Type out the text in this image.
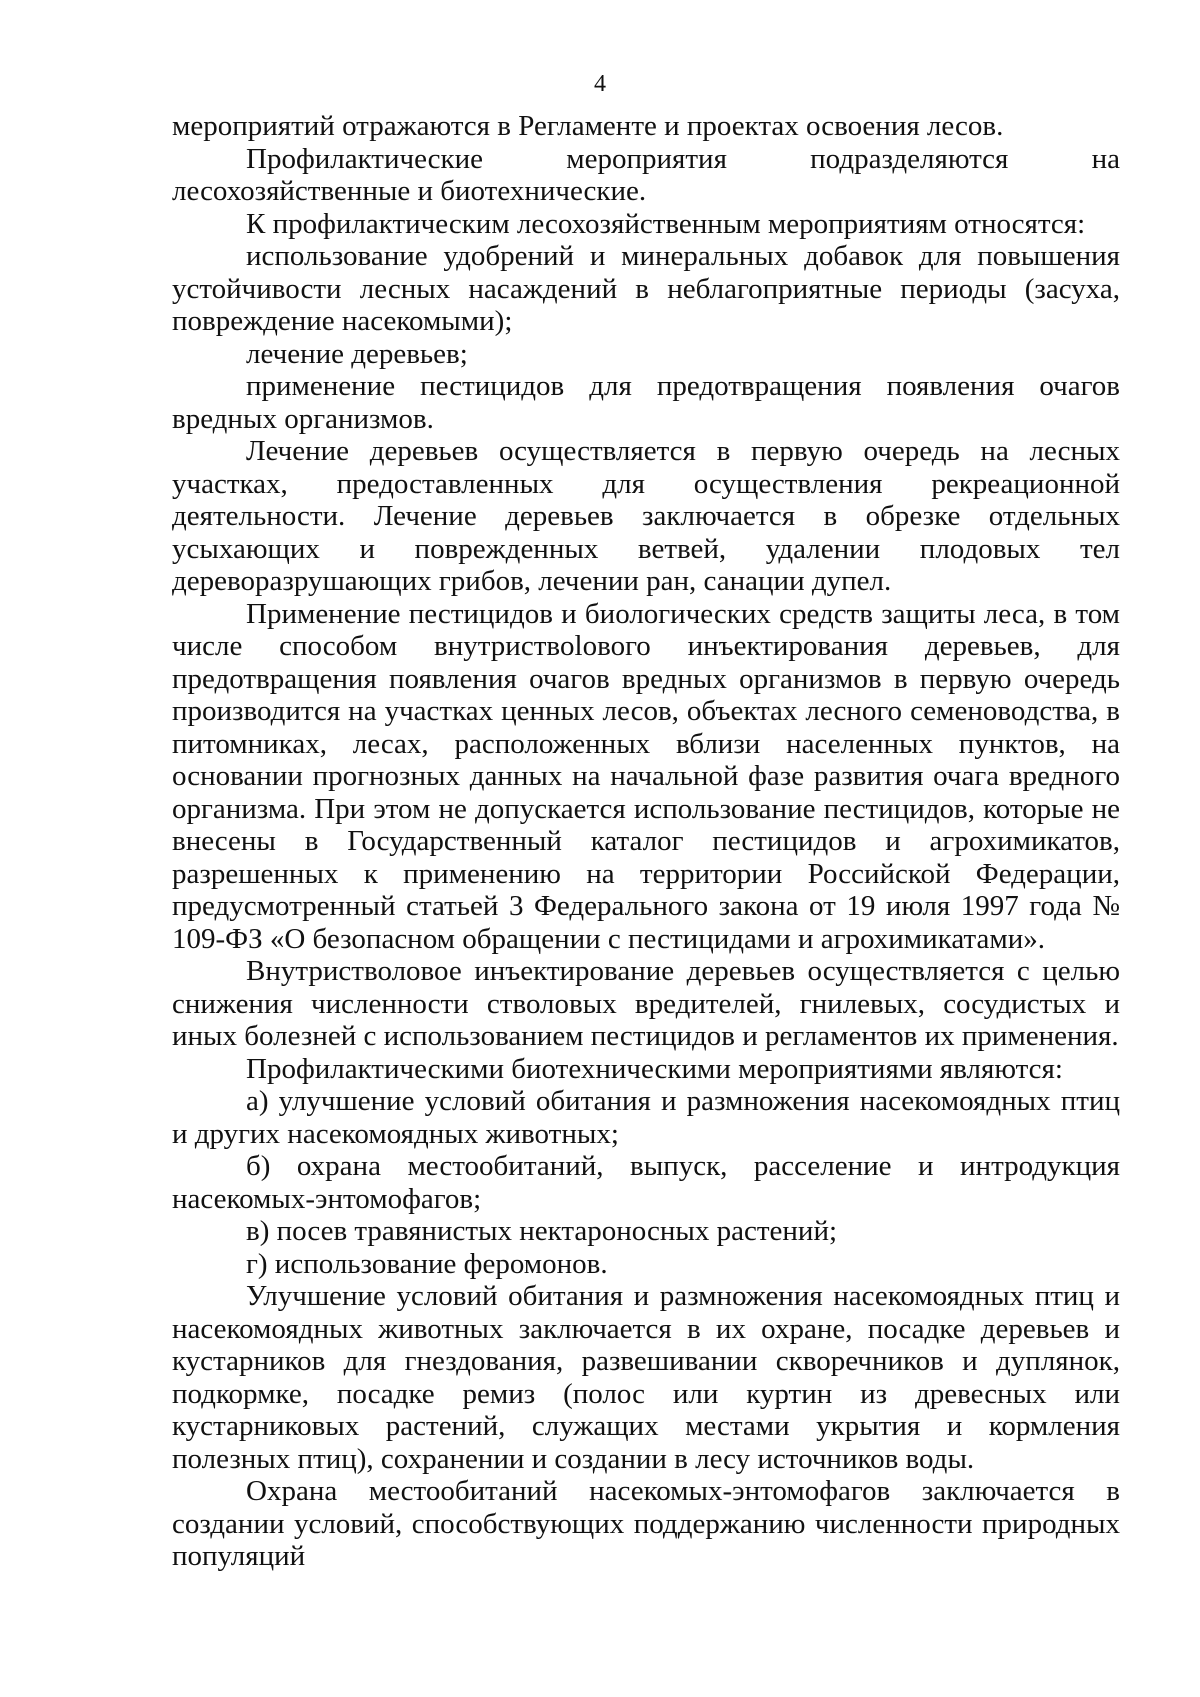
4

мероприятий отражаются в Регламенте и проектах освоения лесов.

Профилактические мероприятия подразделяются на лесохозяйственные и биотехнические.

К профилактическим лесохозяйственным мероприятиям относятся:

использование удобрений и минеральных добавок для повышения устойчивости лесных насаждений в неблагоприятные периоды (засуха, повреждение насекомыми);

лечение деревьев;

применение пестицидов для предотвращения появления очагов вредных организмов.

Лечение деревьев осуществляется в первую очередь на лесных участках, предоставленных для осуществления рекреационной деятельности. Лечение деревьев заключается в обрезке отдельных усыхающих и поврежденных ветвей, удалении плодовых тел дереворазрушающих грибов, лечении ран, санации дупел.

Применение пестицидов и биологических средств защиты леса, в том числе способом внутриствolового инъектирования деревьев, для предотвращения появления очагов вредных организмов в первую очередь производится на участках ценных лесов, объектах лесного семеноводства, в питомниках, лесах, расположенных вблизи населенных пунктов, на основании прогнозных данных на начальной фазе развития очага вредного организма. При этом не допускается использование пестицидов, которые не внесены в Государственный каталог пестицидов и агрохимикатов, разрешенных к применению на территории Российской Федерации, предусмотренный статьей 3 Федерального закона от 19 июля 1997 года № 109-ФЗ «О безопасном обращении с пестицидами и агрохимикатами».

Внутристволовое инъектирование деревьев осуществляется с целью снижения численности стволовых вредителей, гнилевых, сосудистых и иных болезней с использованием пестицидов и регламентов их применения.

Профилактическими биотехническими мероприятиями являются:

а) улучшение условий обитания и размножения насекомоядных птиц и других насекомоядных животных;

б) охрана местообитаний, выпуск, расселение и интродукция насекомых-энтомофагов;

в) посев травянистых нектароносных растений;

г) использование феромонов.

Улучшение условий обитания и размножения насекомоядных птиц и насекомоядных животных заключается в их охране, посадке деревьев и кустарников для гнездования, развешивании скворечников и дуплянок, подкормке, посадке ремиз (полос или куртин из древесных или кустарниковых растений, служащих местами укрытия и кормления полезных птиц), сохранении и создании в лесу источников воды.

Охрана местообитаний насекомых-энтомофагов заключается в создании условий, способствующих поддержанию численности природных популяций
